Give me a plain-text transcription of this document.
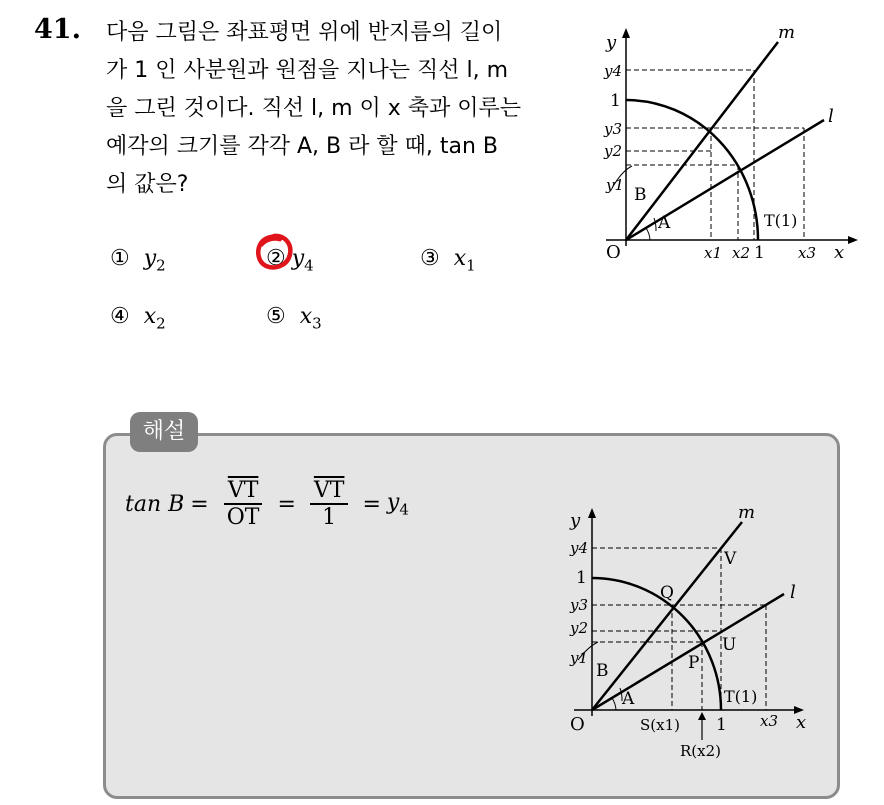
41. 다음 그림은 좌표평면 위에 반지름의 길이
가 1 인 사분원과 원점을 지나는 직선 l, m
을 그린 것이다. 직선 l, m 이 x 축과 이루는
예각의 크기를 각각 A, B 라 할 때, tan B
의 값은?
① $y_2$	② $y_4$	③ $x_1$
④ $x_2$	⑤ $x_3$
y
x
O
y4
1
y3
y2
y1
m
l
B
A	T(1)
x1 x2 1 x3
해설
$\tan B = \frac{\overline{VT}}{OT} = \frac{\overline{VT}}{1} = y_4$
y
x
O
y4
1
y3
y2
y1
m
l
V
Q
U
P
B
A	T(1)
x3
S(x1) 1
R(x2)
